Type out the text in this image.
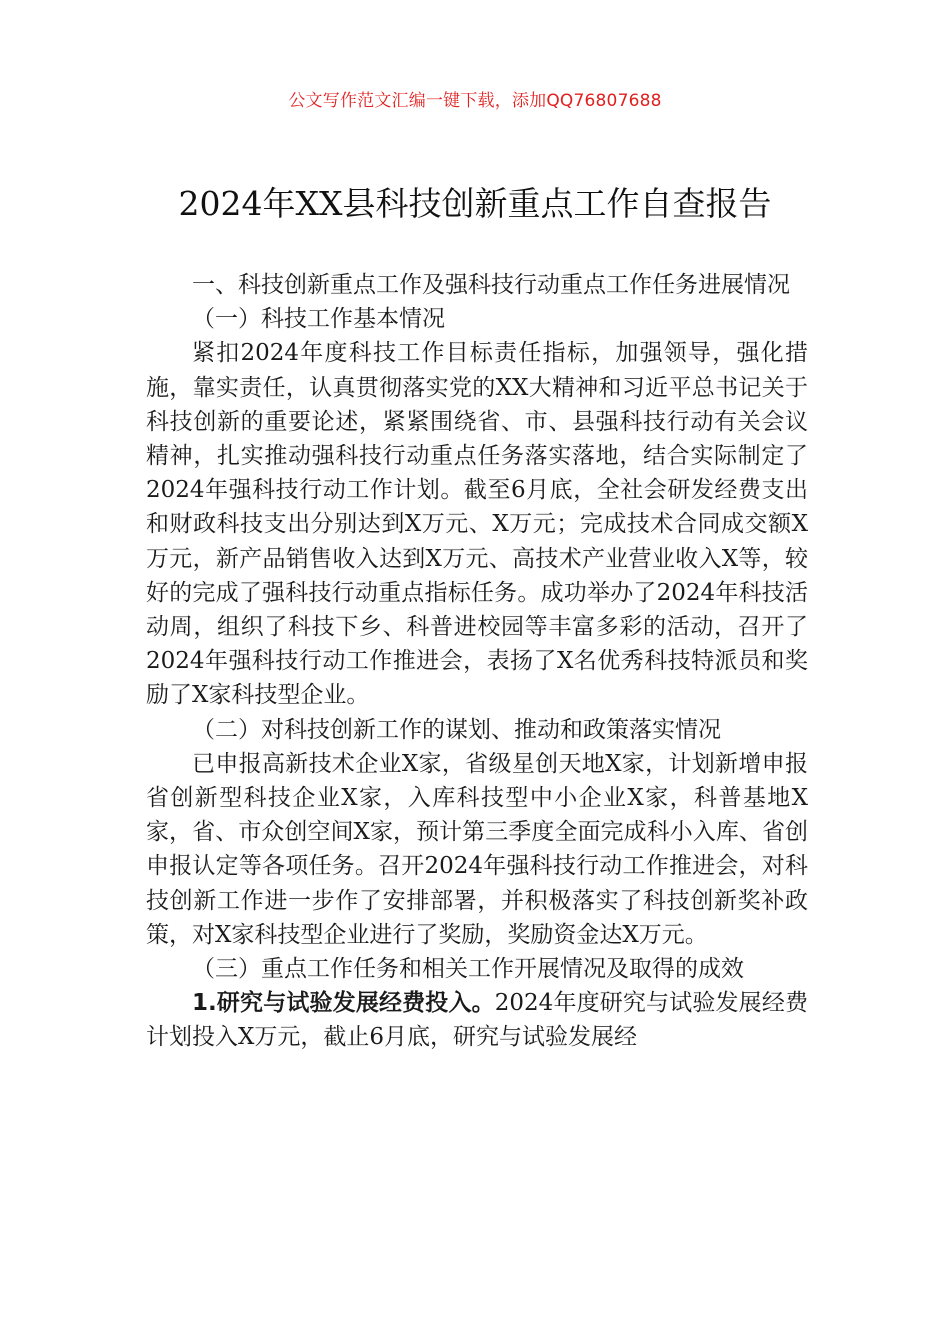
公文写作范文汇编一键下载，添加QQ76807688
2024年XX县科技创新重点工作自查报告

一、科技创新重点工作及强科技行动重点工作任务进展情况

（一）科技工作基本情况

紧扣2024年度科技工作目标责任指标，加强领导，强化措施，靠实责任，认真贯彻落实党的XX大精神和习近平总书记关于科技创新的重要论述，紧紧围绕省、市、县强科技行动有关会议精神，扎实推动强科技行动重点任务落实落地，结合实际制定了2024年强科技行动工作计划。截至6月底，全社会研发经费支出和财政科技支出分别达到X万元、X万元；完成技术合同成交额X万元，新产品销售收入达到X万元、高技术产业营业收入X等，较好的完成了强科技行动重点指标任务。成功举办了2024年科技活动周，组织了科技下乡、科普进校园等丰富多彩的活动，召开了2024年强科技行动工作推进会，表扬了X名优秀科技特派员和奖励了X家科技型企业。

（二）对科技创新工作的谋划、推动和政策落实情况

已申报高新技术企业X家，省级星创天地X家，计划新增申报省创新型科技企业X家，入库科技型中小企业X家，科普基地X家，省、市众创空间X家，预计第三季度全面完成科小入库、省创申报认定等各项任务。召开2024年强科技行动工作推进会，对科技创新工作进一步作了安排部署，并积极落实了科技创新奖补政策，对X家科技型企业进行了奖励，奖励资金达X万元。

（三）重点工作任务和相关工作开展情况及取得的成效

1.研究与试验发展经费投入。2024年度研究与试验发展经费计划投入X万元，截止6月底，研究与试验发展经
